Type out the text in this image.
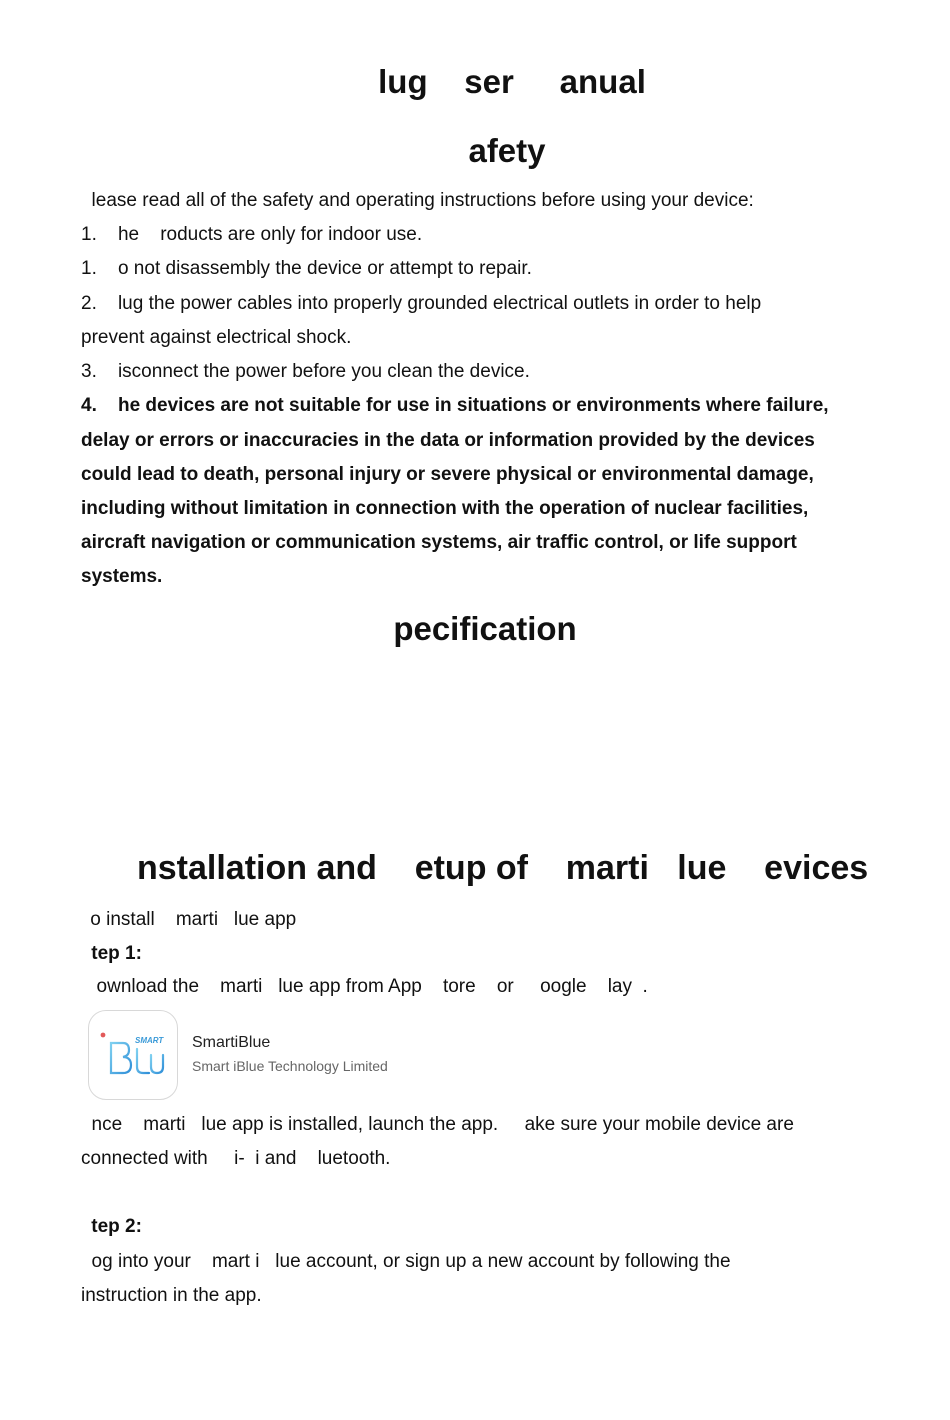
lug    ser     anual
afety
lease read all of the safety and operating instructions before using your device:
1.    he    roducts are only for indoor use.
1.    o not disassembly the device or attempt to repair.
2.    lug the power cables into properly grounded electrical outlets in order to help
prevent against electrical shock.
3.    isconnect the power before you clean the device.
4.    he devices are not suitable for use in situations or environments where failure,
delay or errors or inaccuracies in the data or information provided by the devices
could lead to death, personal injury or severe physical or environmental damage,
including without limitation in connection with the operation of nuclear facilities,
aircraft navigation or communication systems, air traffic control, or life support
systems.
pecification
nstallation and    etup of    marti   lue    evices
o install    marti   lue app
tep 1:
ownload the    marti   lue app from App    tore    or     oogle    lay  .
SMART SmartiBlue
Smart iBlue Technology Limited
nce    marti   lue app is installed, launch the app.     ake sure your mobile device are
connected with     i-  i and    luetooth.
tep 2:
og into your    mart i   lue account, or sign up a new account by following the
instruction in the app.
